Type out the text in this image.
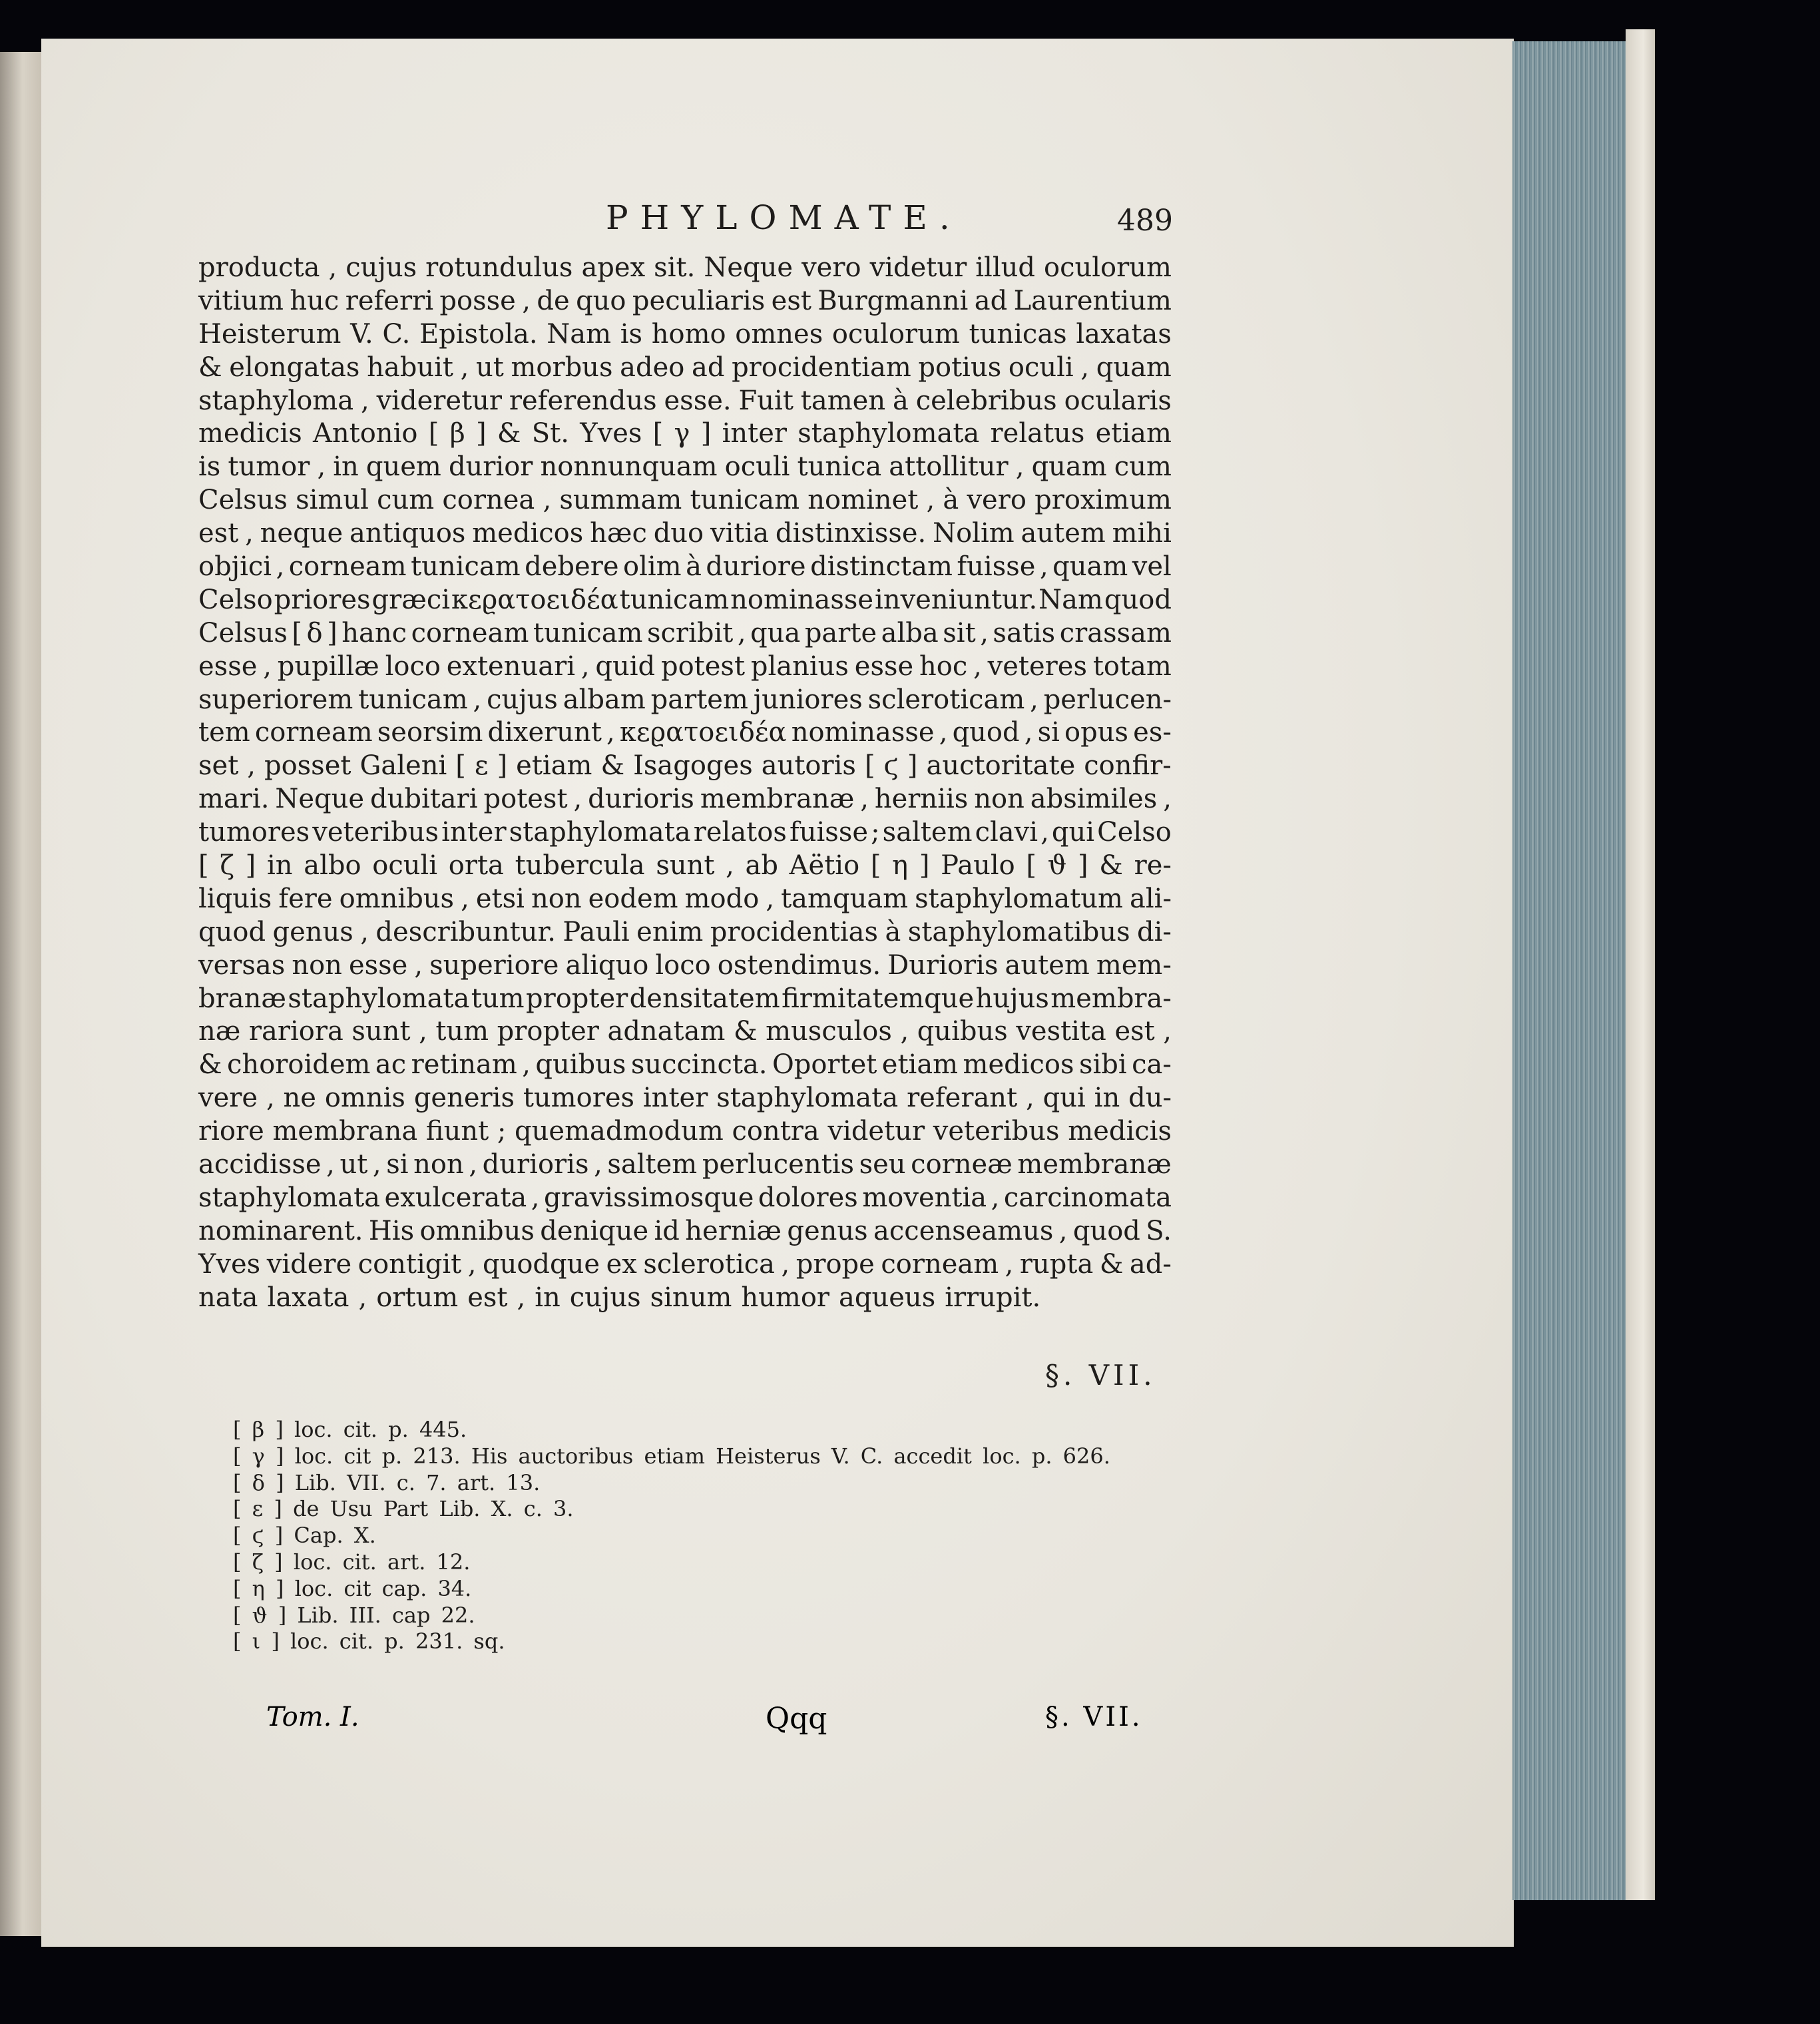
PHYLOMATE.	489
producta , cujus rotundulus apex sit. Neque vero videtur illud oculorum
vitium huc referri posse , de quo peculiaris est Burgmanni ad Laurentium
Heisterum V. C. Epistola. Nam is homo omnes oculorum tunicas laxatas
& elongatas habuit , ut morbus adeo ad procidentiam potius oculi , quam
staphyloma , videretur referendus esse. Fuit tamen à celebribus ocularis
medicis Antonio [ β ] & St. Yves [ γ ] inter staphylomata relatus etiam
is tumor , in quem durior nonnunquam oculi tunica attollitur , quam cum
Celsus simul cum cornea , summam tunicam nominet , à vero proximum
est , neque antiquos medicos hæc duo vitia distinxisse. Nolim autem mihi
objici , corneam tunicam debere olim à duriore distinctam fuisse , quam vel
Celso priores græci κεϱατοειδέα tunicam nominasse inveniuntur. Nam quod
Celsus [ δ ] hanc corneam tunicam scribit , qua parte alba sit , satis crassam
esse , pupillæ loco extenuari , quid potest planius esse hoc , veteres totam
superiorem tunicam , cujus albam partem juniores scleroticam , perlucen-
tem corneam seorsim dixerunt , κεϱατοειδέα nominasse , quod , si opus es-
set , posset Galeni [ ε ] etiam & Isagoges autoris [ ϛ ] auctoritate confir-
mari. Neque dubitari potest , durioris membranæ , herniis non absimiles ,
tumores veteribus inter staphylomata relatos fuisse ; saltem clavi , qui Celso
[ ζ ] in albo oculi orta tubercula sunt , ab Aëtio [ η ] Paulo [ ϑ ] & re-
liquis fere omnibus , etsi non eodem modo , tamquam staphylomatum ali-
quod genus , describuntur. Pauli enim procidentias à staphylomatibus di-
versas non esse , superiore aliquo loco ostendimus. Durioris autem mem-
branæ staphylomata tum propter densitatem firmitatemque hujus membra-
næ rariora sunt , tum propter adnatam & musculos , quibus vestita est ,
& choroidem ac retinam , quibus succincta. Oportet etiam medicos sibi ca-
vere , ne omnis generis tumores inter staphylomata referant , qui in du-
riore membrana fiunt ; quemadmodum contra videtur veteribus medicis
accidisse , ut , si non , durioris , saltem perlucentis seu corneæ membranæ
staphylomata exulcerata , gravissimosque dolores moventia , carcinomata
nominarent. His omnibus denique id herniæ genus accenseamus , quod S.
Yves videre contigit , quodque ex sclerotica , prope corneam , rupta & ad-
nata laxata , ortum est , in cujus sinum humor aqueus irrupit.
§. VII.
[ β ] loc. cit. p. 445.
[ γ ] loc. cit p. 213. His auctoribus etiam Heisterus V. C. accedit loc. p. 626.
[ δ ] Lib. VII. c. 7. art. 13.
[ ε ] de Usu Part Lib. X. c. 3.
[ ϛ ] Cap. X.
[ ζ ] loc. cit. art. 12.
[ η ] loc. cit cap. 34.
[ ϑ ] Lib. III. cap 22.
[ ι ] loc. cit. p. 231. sq.
Tom. I.	Qqq	§. VII.
